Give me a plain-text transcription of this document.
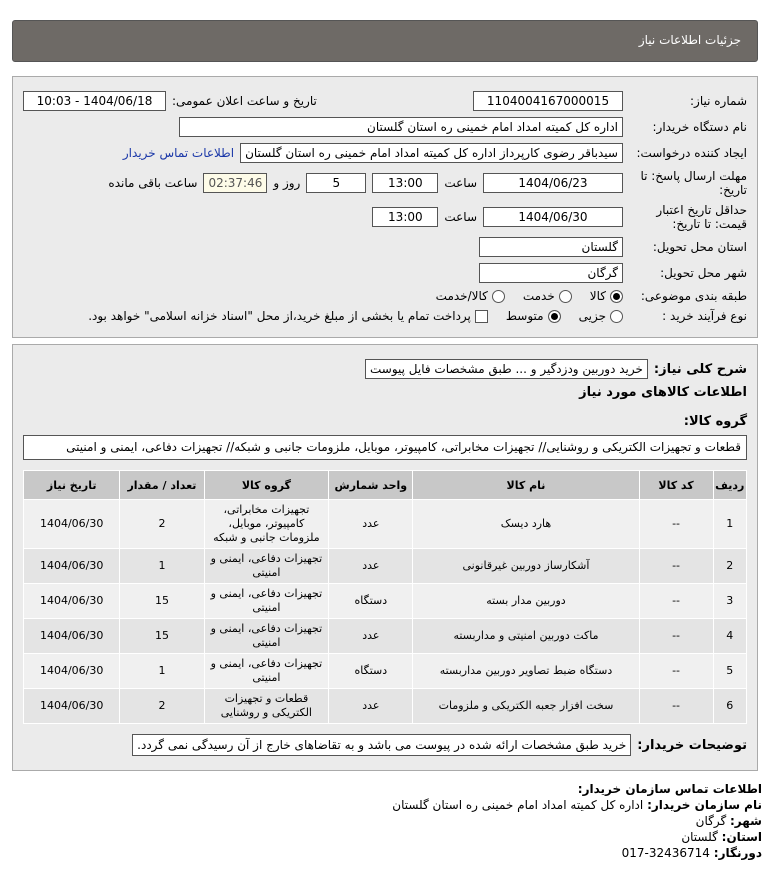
جزئیات اطلاعات نیاز
شماره نیاز:
1104004167000015
تاریخ و ساعت اعلان عمومی:
1404/06/18 - 10:03
نام دستگاه خریدار:
اداره کل کمیته امداد امام خمینی ره استان گلستان
ایجاد کننده درخواست:
سیدباقر رضوی کارپرداز اداره کل کمیته امداد امام خمینی ره استان گلستان
اطلاعات تماس خریدار
مهلت ارسال پاسخ: تا تاریخ:
1404/06/23
ساعت
13:00
5
روز و
02:37:46
ساعت باقی مانده
حداقل تاریخ اعتبار قیمت: تا تاریخ:
1404/06/30
ساعت
13:00
استان محل تحویل:
گلستان
شهر محل تحویل:
گرگان
طبقه بندی موضوعی:
کالا
خدمت
کالا/خدمت
نوع فرآیند خرید :
جزیی
متوسط
پرداخت تمام یا بخشی از مبلغ خرید،از محل "اسناد خزانه اسلامی" خواهد بود.
شرح کلی نیاز:
خرید دوربین ودزدگیر و ... طبق مشخصات فایل پیوست
اطلاعات کالاهای مورد نیاز
گروه کالا:
قطعات و تجهیزات الکتریکی و روشنایی// تجهیزات مخابراتی، کامپیوتر، موبایل، ملزومات جانبی و شبکه// تجهیزات دفاعی، ایمنی و امنیتی
ردیف	کد کالا	نام کالا	واحد شمارش	گروه کالا	تعداد / مقدار	تاریخ نیاز
1	--	هارد دیسک	عدد	تجهیزات مخابراتی، کامپیوتر، موبایل، ملزومات جانبی و شبکه	2	1404/06/30
2	--	آشکارساز دوربین غیرقانونی	عدد	تجهیزات دفاعی، ایمنی و امنیتی	1	1404/06/30
3	--	دوربین مدار بسته	دستگاه	تجهیزات دفاعی، ایمنی و امنیتی	15	1404/06/30
4	--	ماکت دوربین امنیتی و مداربسته	عدد	تجهیزات دفاعی، ایمنی و امنیتی	15	1404/06/30
5	--	دستگاه ضبط تصاویر دوربین مداربسته	دستگاه	تجهیزات دفاعی، ایمنی و امنیتی	1	1404/06/30
6	--	سخت افزار جعبه الکتریکی و ملزومات	عدد	قطعات و تجهیزات الکتریکی و روشنایی	2	1404/06/30
توضیحات خریدار:
خرید طبق مشخصات ارائه شده در پیوست می باشد و به تقاضاهای خارج از آن رسیدگی نمی گردد.
اطلاعات تماس سازمان خریدار:
نام سازمان خریدار: اداره کل کمیته امداد امام خمینی ره استان گلستان
شهر: گرگان
استان: گلستان
دورنگار: 32436714-017
